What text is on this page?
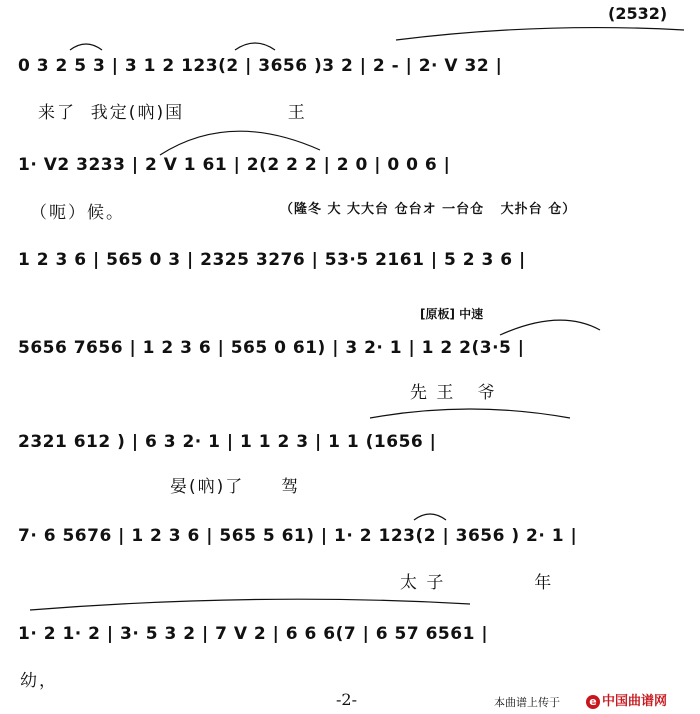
(2532)
0 3 2 5 3 | 3 1 2 123(2 | 3656 )3 2 | 2 - | 2· V 32 |
来了  我定(吶)国              王
1· V2 3233 | 2 V 1 61 | 2(2 2 2 | 2 0 | 0 0 6 |
（呃）候。	（隆冬 大 大大台 仓台オ 一台仓   大扑台 仓）
1 2 3 6 | 565 0 3 | 2325 3276 | 53·5 2161 | 5 2 3 6 |
[原板] 中速
5656 7656 | 1 2 3 6 | 565 0 61) | 3 2· 1 | 1 2 2(3·5 |
先 王   爷
2321 612 ) | 6 3 2· 1 | 1 1 2 3 | 1 1 (1656 |
晏(吶)了     驾
7· 6 5676 | 1 2 3 6 | 565 5 61) | 1· 2 123(2 | 3656 ) 2· 1 |
太 子            年
1· 2 1· 2 | 3· 5 3 2 | 7 V 2 | 6 6 6(7 | 6 57 6561 |
幼，
-2-	本曲谱上传于	e 中国曲谱网
